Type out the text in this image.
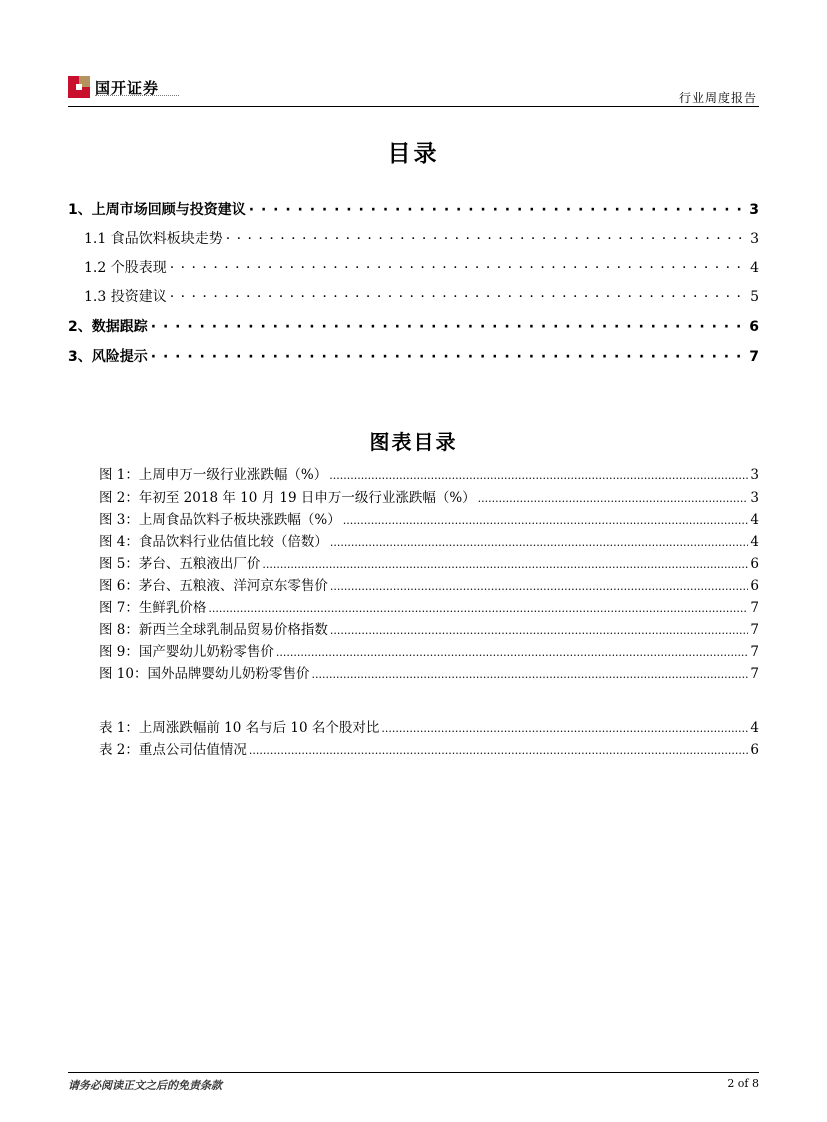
国开证券
行业周度报告
目录
1、上周市场回顾与投资建议 · · ·	3
1.1 食品饮料板块走势 · · ·	3
1.2 个股表现 · · ·	4
1.3 投资建议 · · ·	5
2、数据跟踪 · · ·	6
3、风险提示 · · ·	7
图表目录
图 1：上周申万一级行业涨跌幅（%） .....	3
图 2：年初至 2018 年 10 月 19 日申万一级行业涨跌幅（%） .....	3
图 3：上周食品饮料子板块涨跌幅（%） .....	4
图 4：食品饮料行业估值比较（倍数） .....	4
图 5：茅台、五粮液出厂价 .....	6
图 6：茅台、五粮液、洋河京东零售价 .....	6
图 7：生鲜乳价格 .....	7
图 8：新西兰全球乳制品贸易价格指数 .....	7
图 9：国产婴幼儿奶粉零售价 .....	7
图 10：国外品牌婴幼儿奶粉零售价 .....	7
表 1：上周涨跌幅前 10 名与后 10 名个股对比 .....	4
表 2：重点公司估值情况 .....	6
请务必阅读正文之后的免责条款	2 of 8
